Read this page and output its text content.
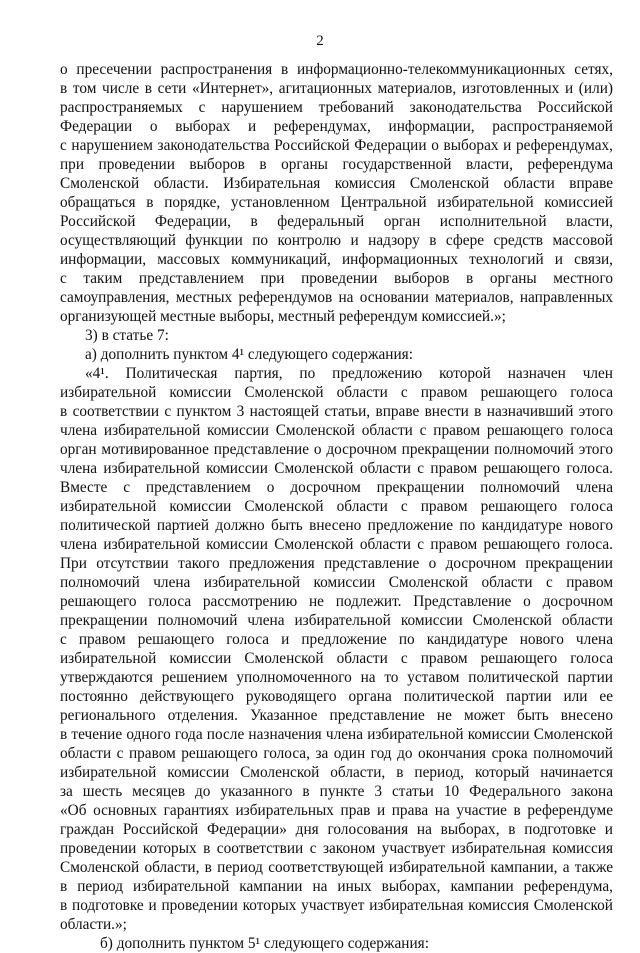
2
о пресечении распространения в информационно-телекоммуникационных сетях,
в том числе в сети «Интернет», агитационных материалов, изготовленных и (или)
распространяемых с нарушением требований законодательства Российской
Федерации о выборах и референдумах, информации, распространяемой
с нарушением законодательства Российской Федерации о выборах и референдумах,
при проведении выборов в органы государственной власти, референдума
Смоленской области. Избирательная комиссия Смоленской области вправе
обращаться в порядке, установленном Центральной избирательной комиссией
Российской Федерации, в федеральный орган исполнительной власти,
осуществляющий функции по контролю и надзору в сфере средств массовой
информации, массовых коммуникаций, информационных технологий и связи,
с таким представлением при проведении выборов в органы местного
самоуправления, местных референдумов на основании материалов, направленных
организующей местные выборы, местный референдум комиссией.»;
3) в статье 7:
а) дополнить пунктом 4¹ следующего содержания:
«4¹. Политическая партия, по предложению которой назначен член
избирательной комиссии Смоленской области с правом решающего голоса
в соответствии с пунктом 3 настоящей статьи, вправе внести в назначивший этого
члена избирательной комиссии Смоленской области с правом решающего голоса
орган мотивированное представление о досрочном прекращении полномочий этого
члена избирательной комиссии Смоленской области с правом решающего голоса.
Вместе с представлением о досрочном прекращении полномочий члена
избирательной комиссии Смоленской области с правом решающего голоса
политической партией должно быть внесено предложение по кандидатуре нового
члена избирательной комиссии Смоленской области с правом решающего голоса.
При отсутствии такого предложения представление о досрочном прекращении
полномочий члена избирательной комиссии Смоленской области с правом
решающего голоса рассмотрению не подлежит. Представление о досрочном
прекращении полномочий члена избирательной комиссии Смоленской области
с правом решающего голоса и предложение по кандидатуре нового члена
избирательной комиссии Смоленской области с правом решающего голоса
утверждаются решением уполномоченного на то уставом политической партии
постоянно действующего руководящего органа политической партии или ее
регионального отделения. Указанное представление не может быть внесено
в течение одного года после назначения члена избирательной комиссии Смоленской
области с правом решающего голоса, за один год до окончания срока полномочий
избирательной комиссии Смоленской области, в период, который начинается
за шесть месяцев до указанного в пункте 3 статьи 10 Федерального закона
«Об основных гарантиях избирательных прав и права на участие в референдуме
граждан Российской Федерации» дня голосования на выборах, в подготовке и
проведении которых в соответствии с законом участвует избирательная комиссия
Смоленской области, в период соответствующей избирательной кампании, а также
в период избирательной кампании на иных выборах, кампании референдума,
в подготовке и проведении которых участвует избирательная комиссия Смоленской
области.»;
б) дополнить пунктом 5¹ следующего содержания:
